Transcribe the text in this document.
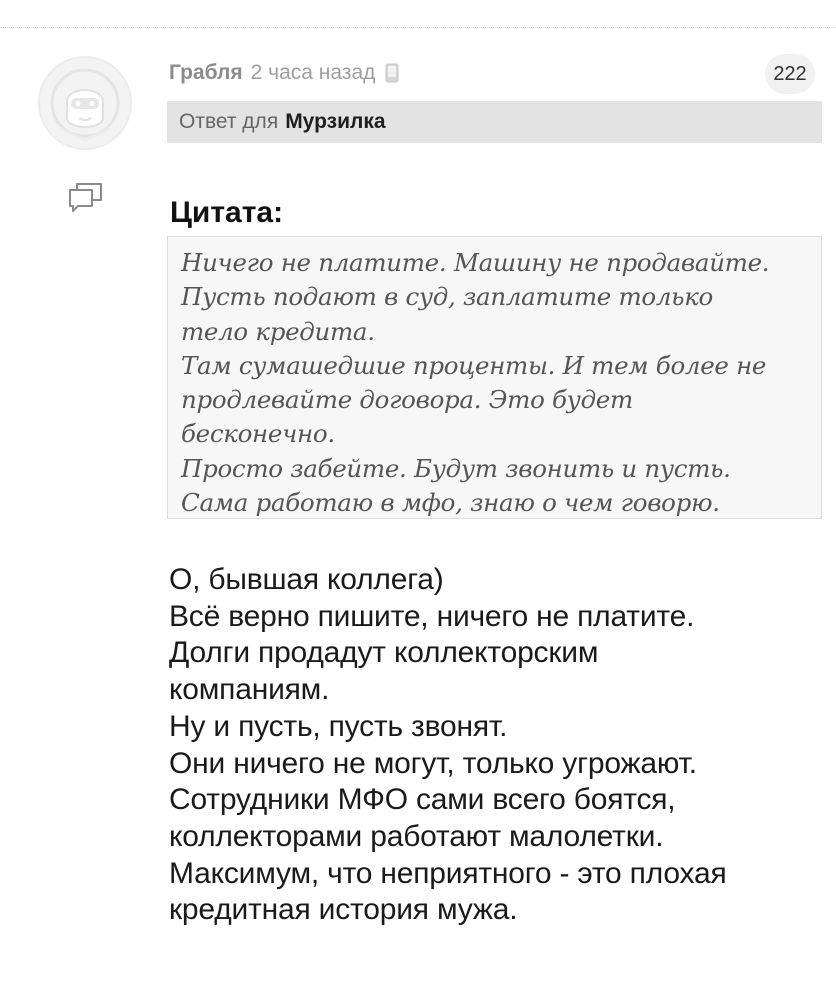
Грабля 2 часа назад	222
Ответ для Мурзилка
Цитата:

Ничего не платите. Машину не продавайте.
Пусть подают в суд, заплатите только
тело кредита.
Там сумашедшие проценты. И тем более не
продлевайте договора. Это будет
бесконечно.
Просто забейте. Будут звонить и пусть.
Сама работаю в мфо, знаю о чем говорю.

О, бывшая коллега)
Всё верно пишите, ничего не платите.
Долги продадут коллекторским
компаниям.
Ну и пусть, пусть звонят.
Они ничего не могут, только угрожают.
Сотрудники МФО сами всего боятся,
коллекторами работают малолетки.
Максимум, что неприятного - это плохая
кредитная история мужа.
